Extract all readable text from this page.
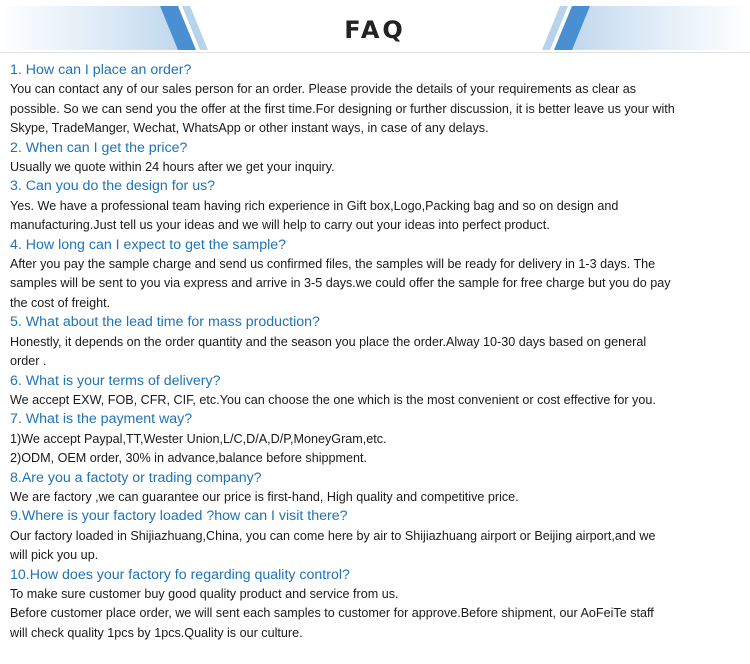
FAQ
1. How can I place an order?
You can contact any of our sales person for an order. Please provide the details of your requirements as clear as
possible. So we can send you the offer at the first time.For designing or further discussion, it is better leave us your with
Skype, TradeManger, Wechat, WhatsApp or other instant ways, in case of any delays.
2. When can I get the price?
Usually we quote within 24 hours after we get your inquiry.
3. Can you do the design for us?
Yes. We have a professional team having rich experience in Gift box,Logo,Packing bag and so on design and
manufacturing.Just tell us your ideas and we will help to carry out your ideas into perfect product.
4. How long can I expect to get the sample?
After you pay the sample charge and send us confirmed files, the samples will be ready for delivery in 1-3 days. The
samples will be sent to you via express and arrive in 3-5 days.we could offer the sample for free charge but you do pay
the cost of freight.
5. What about the lead time for mass production?
Honestly, it depends on the order quantity and the season you place the order.Alway 10-30 days based on general
order .
6. What is your terms of delivery?
We accept EXW, FOB, CFR, CIF, etc.You can choose the one which is the most convenient or cost effective for you.
7. What is the payment way?
1)We accept Paypal,TT,Wester Union,L/C,D/A,D/P,MoneyGram,etc.
2)ODM, OEM order, 30% in advance,balance before shippment.
8.Are you a factoty or trading company?
We are factory ,we can guarantee our price is first-hand, High quality and competitive price.
9.Where is your factory loaded ?how can I visit there?
Our factory loaded in Shijiazhuang,China, you can come here by air to Shijiazhuang airport or Beijing airport,and we
will pick you up.
10.How does your factory fo regarding quality control?
To make sure customer buy good quality product and service from us.
Before customer place order, we will sent each samples to customer for approve.Before shipment, our AoFeiTe staff
will check quality 1pcs by 1pcs.Quality is our culture.
